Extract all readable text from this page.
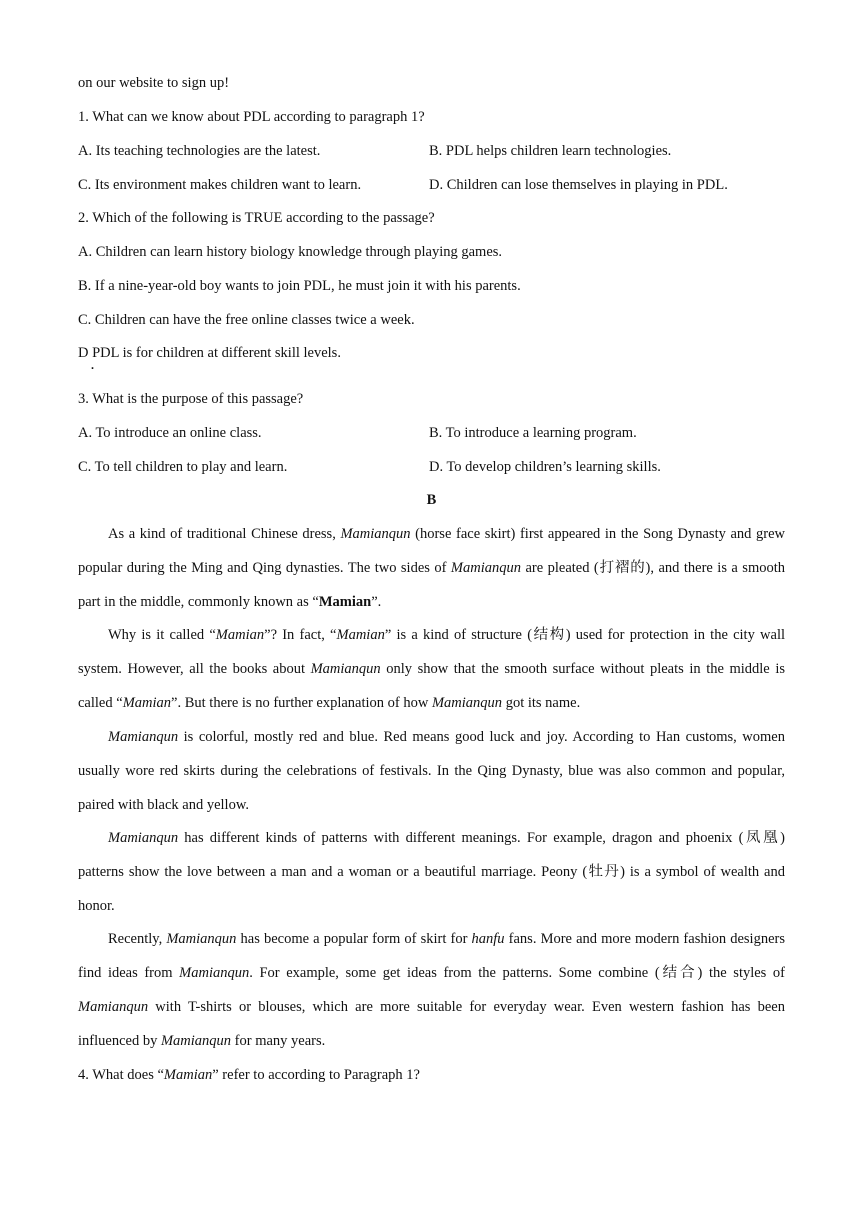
on our website to sign up!
1. What can we know about PDL according to paragraph 1?
A. Its teaching technologies are the latest.	B. PDL helps children learn technologies.
C. Its environment makes children want to learn.	D. Children can lose themselves in playing in PDL.
2. Which of the following is TRUE according to the passage?
A. Children can learn history biology knowledge through playing games.
B. If a nine-year-old boy wants to join PDL, he must join it with his parents.
C. Children can have the free online classes twice a week.
D PDL is for children at different skill levels.
.
3. What is the purpose of this passage?
A. To introduce an online class.	B. To introduce a learning program.
C. To tell children to play and learn.	D. To develop children’s learning skills.
B

As a kind of traditional Chinese dress, Mamianqun (horse face skirt) first appeared in the Song Dynasty and grew popular during the Ming and Qing dynasties. The two sides of Mamianqun are pleated (打褶的), and there is a smooth part in the middle, commonly known as “Mamian”.

Why is it called “Mamian”? In fact, “Mamian” is a kind of structure (结构) used for protection in the city wall system. However, all the books about Mamianqun only show that the smooth surface without pleats in the middle is called “Mamian”. But there is no further explanation of how Mamianqun got its name.

Mamianqun is colorful, mostly red and blue. Red means good luck and joy. According to Han customs, women usually wore red skirts during the celebrations of festivals. In the Qing Dynasty, blue was also common and popular, paired with black and yellow.

Mamianqun has different kinds of patterns with different meanings. For example, dragon and phoenix (凤凰) patterns show the love between a man and a woman or a beautiful marriage. Peony (牡丹) is a symbol of wealth and honor.

Recently, Mamianqun has become a popular form of skirt for hanfu fans. More and more modern fashion designers find ideas from Mamianqun. For example, some get ideas from the patterns. Some combine (结合) the styles of Mamianqun with T-shirts or blouses, which are more suitable for everyday wear. Even western fashion has been influenced by Mamianqun for many years.

4. What does “Mamian” refer to according to Paragraph 1?
